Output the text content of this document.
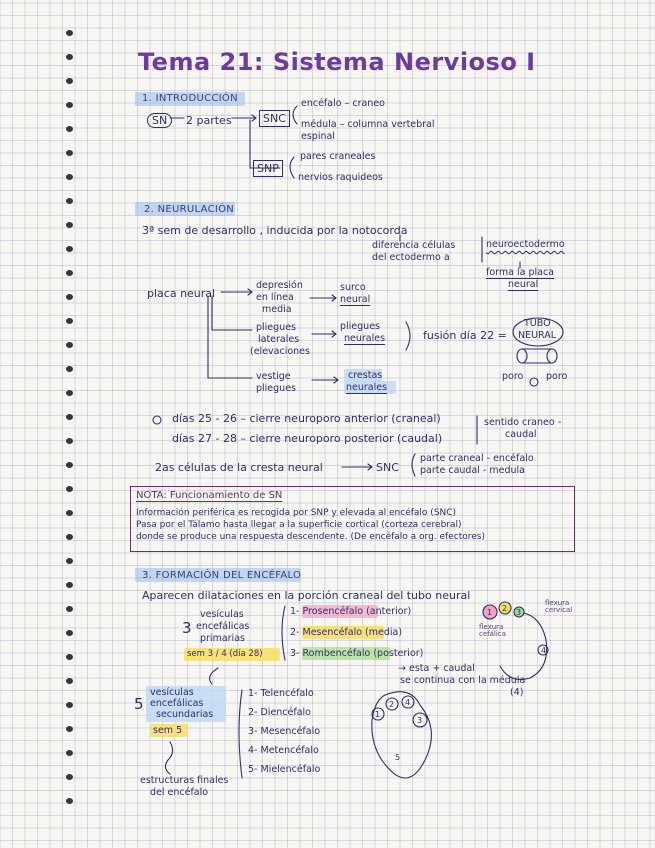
Tema 21: Sistema Nervioso I
1. INTRODUCCIÓN
SN	2 partes	SNC
encéfalo – craneo
médula – columna vertebral
espinal
SNP
pares craneales
nervios raquideos
2. NEURULACIÓN
3ª sem de desarrollo , inducida por la notocorda
diferencia células
del ectodermo a
neuroectodermo
forma la placa
neural
placa neural
depresión
en línea
media
surco
neural
pliegues
laterales
(elevaciones
pliegues
neurales	fusión día 22 =
TUBO
NEURAL
vestige
pliegues
crestas
neurales
poro poro
días 25 - 26 – cierre neuroporo anterior (craneal)
días 27 - 28 – cierre neuroporo posterior (caudal)
sentido craneo -
caudal
2as células de la cresta neural	SNC
parte craneal - encéfalo
parte caudal - medula
NOTA: Funcionamiento de SN
Información periférica es recogida por SNP y elevada al encéfalo (SNC)
Pasa por el Tálamo hasta llegar a la superficie cortical (corteza cerebral)
donde se produce una respuesta descendente. (De encéfalo a org. efectores)
3. FORMACIÓN DEL ENCÉFALO
Aparecen dilataciones en la porción craneal del tubo neural
3
vesículas
encefálicas
primarias
sem 3 / 4 (día 28)
1- Prosencéfalo (anterior)
2- Mesencéfalo (media)
3- Rombencéfalo (posterior)
→ esta + caudal
se continua con la médula
(4)
flexura cervical
flexura cefálica
5
vesículas
encefálicas
secundarias
sem 5
1- Telencéfalo
2- Diencéfalo
3- Mesencéfalo
4- Metencéfalo
5- Mielencéfalo
estructuras finales
del encéfalo
1 2 3
4
1
2
3
4
5
